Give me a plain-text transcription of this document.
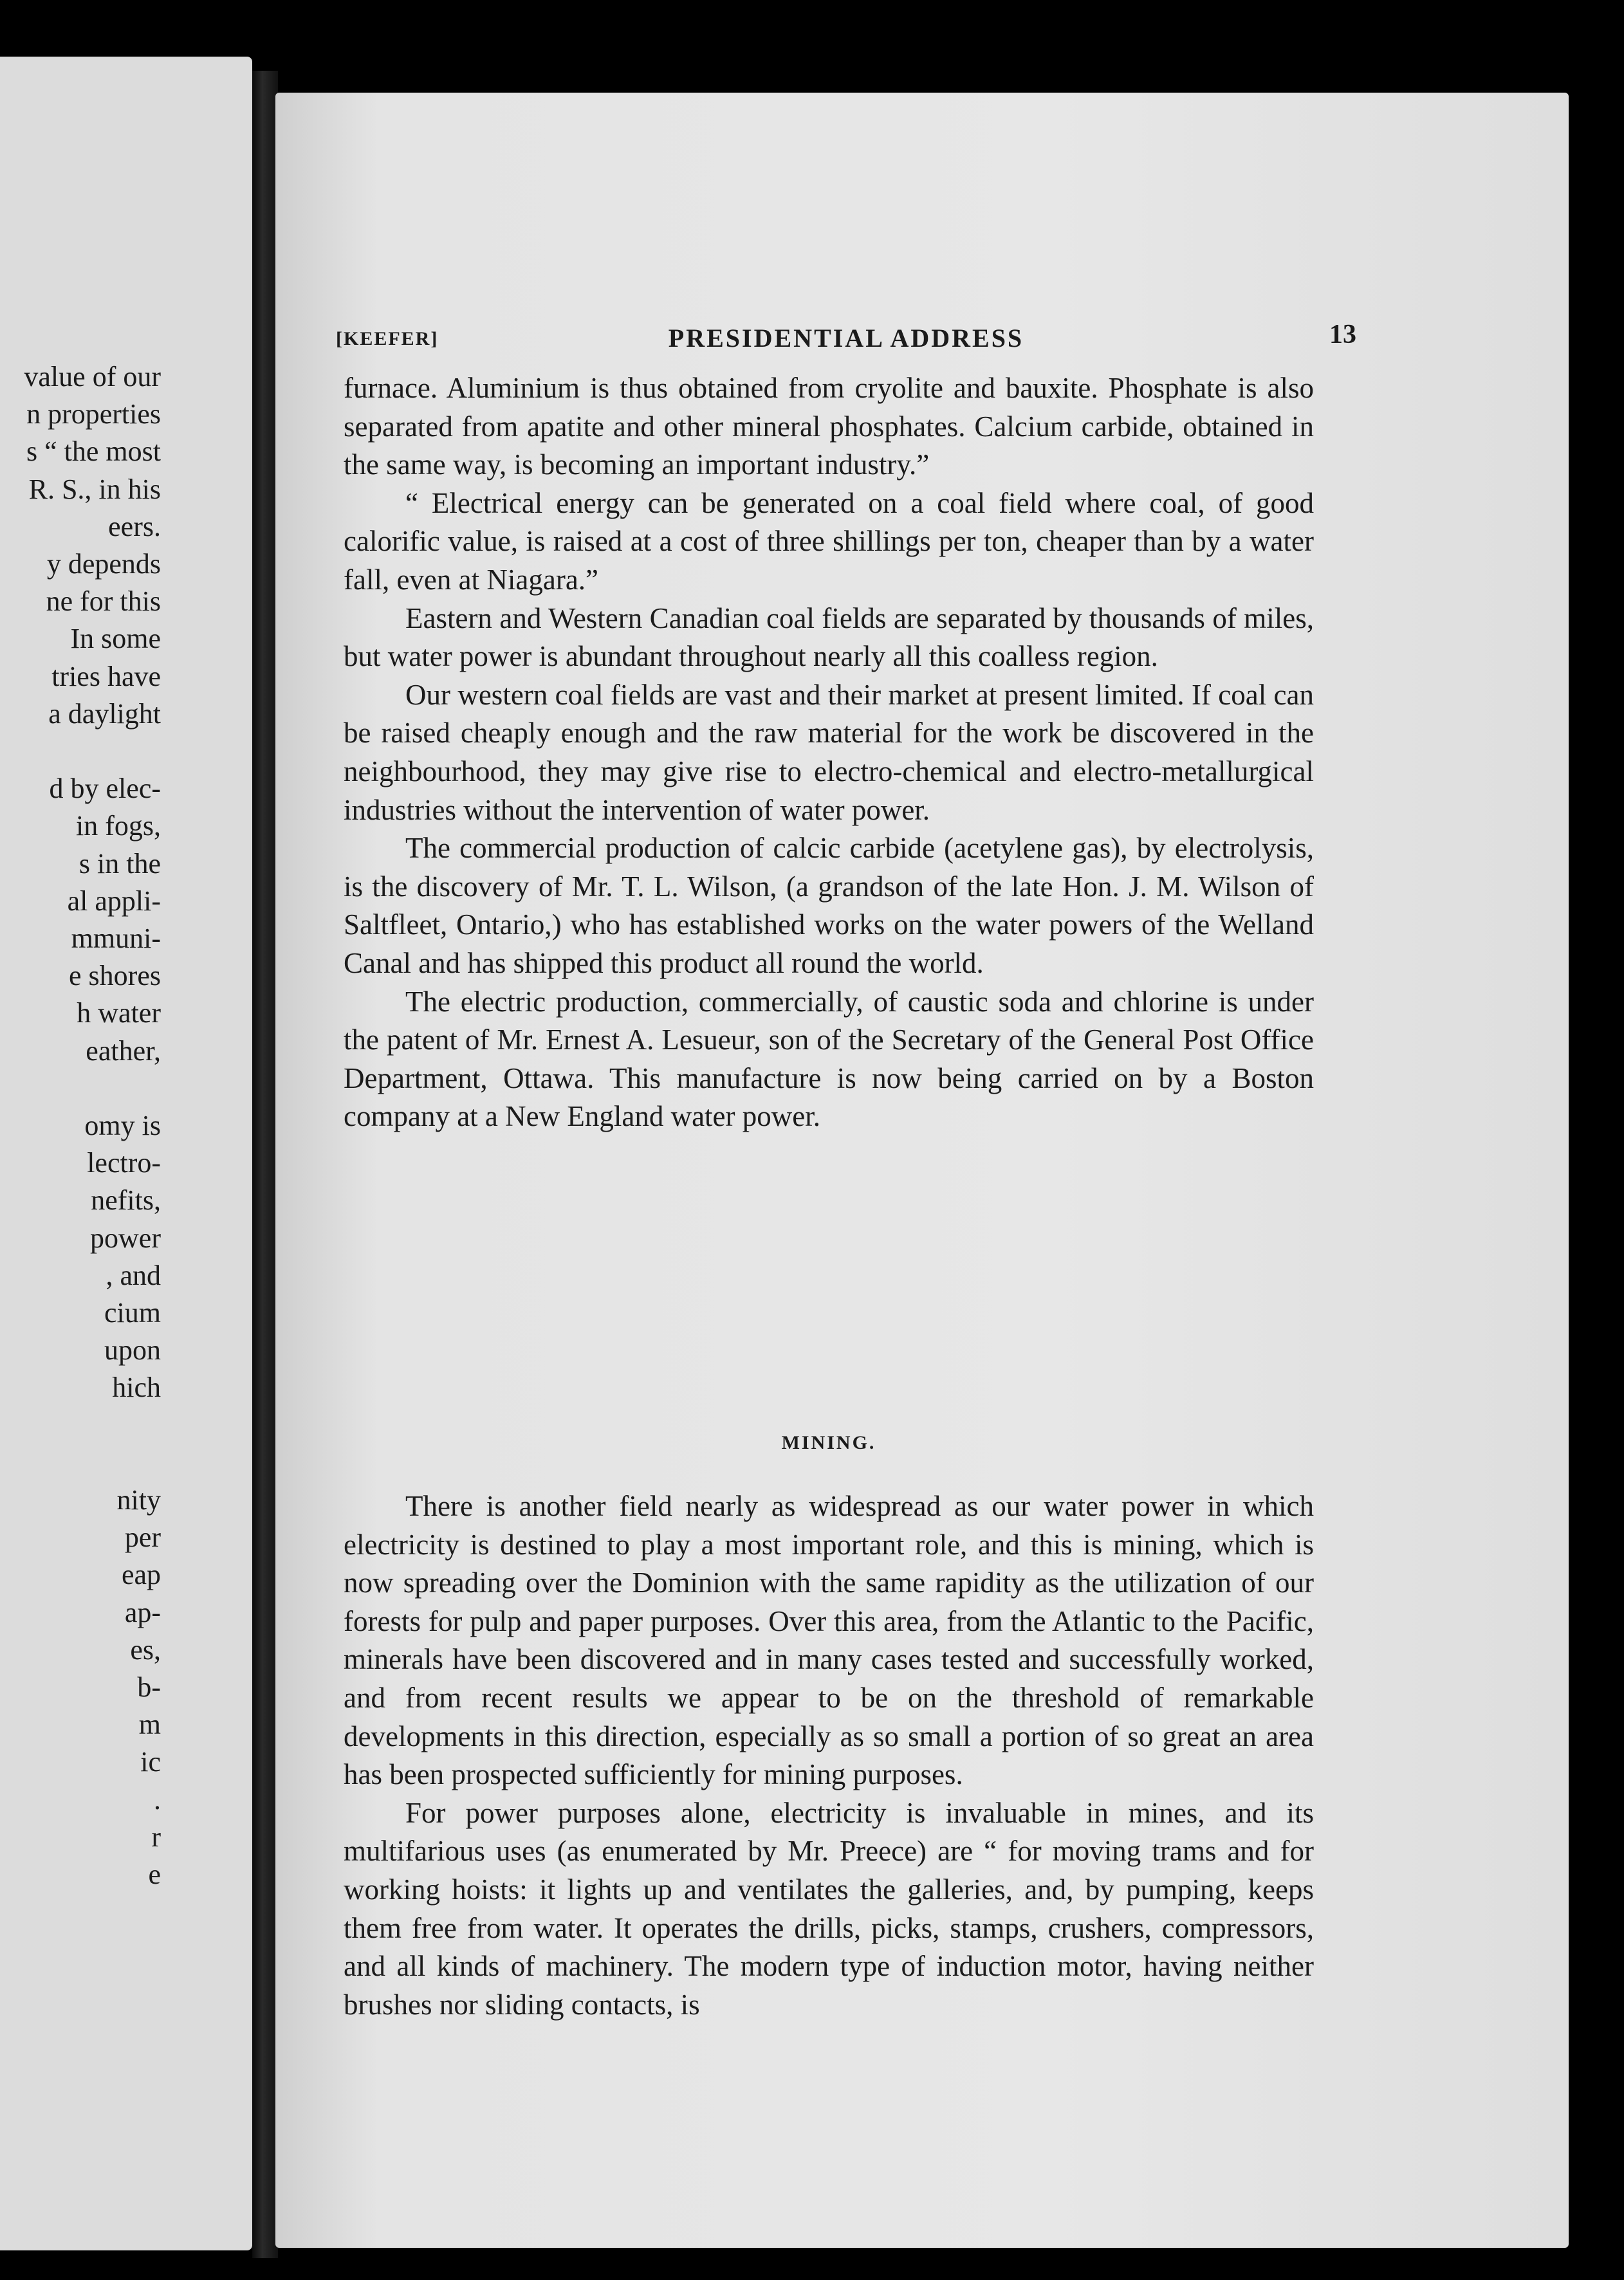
value of our
n properties
s “ the most
R. S., in his
eers.
y depends
ne for this
In some
tries have
a daylight
d by elec-
in fogs,
s in the
al appli-
mmuni-
e shores
h water
eather,
omy is
lectro-
nefits,
power
, and
cium
upon
hich
nity
per
eap
ap-
es,
b-
m
ic
.
r
e
[KEEFER]	PRESIDENTIAL ADDRESS	13

furnace. Aluminium is thus obtained from cryolite and bauxite. Phosphate is also separated from apatite and other mineral phosphates. Calcium carbide, obtained in the same way, is becoming an important industry.”

“ Electrical energy can be generated on a coal field where coal, of good calorific value, is raised at a cost of three shillings per ton, cheaper than by a water fall, even at Niagara.”

Eastern and Western Canadian coal fields are separated by thousands of miles, but water power is abundant throughout nearly all this coalless region.

Our western coal fields are vast and their market at present limited. If coal can be raised cheaply enough and the raw material for the work be discovered in the neighbourhood, they may give rise to electro-chemical and electro-metallurgical industries without the intervention of water power.

The commercial production of calcic carbide (acetylene gas), by electrolysis, is the discovery of Mr. T. L. Wilson, (a grandson of the late Hon. J. M. Wilson of Saltfleet, Ontario,) who has established works on the water powers of the Welland Canal and has shipped this product all round the world.

The electric production, commercially, of caustic soda and chlorine is under the patent of Mr. Ernest A. Lesueur, son of the Secretary of the General Post Office Department, Ottawa. This manufacture is now being carried on by a Boston company at a New England water power.

MINING.

There is another field nearly as widespread as our water power in which electricity is destined to play a most important role, and this is mining, which is now spreading over the Dominion with the same rapidity as the utilization of our forests for pulp and paper purposes. Over this area, from the Atlantic to the Pacific, minerals have been discovered and in many cases tested and successfully worked, and from recent results we appear to be on the threshold of remarkable developments in this direction, especially as so small a portion of so great an area has been prospected sufficiently for mining purposes.

For power purposes alone, electricity is invaluable in mines, and its multifarious uses (as enumerated by Mr. Preece) are “ for moving trams and for working hoists: it lights up and ventilates the galleries, and, by pumping, keeps them free from water. It operates the drills, picks, stamps, crushers, compressors, and all kinds of machinery. The modern type of induction motor, having neither brushes nor sliding contacts, is
